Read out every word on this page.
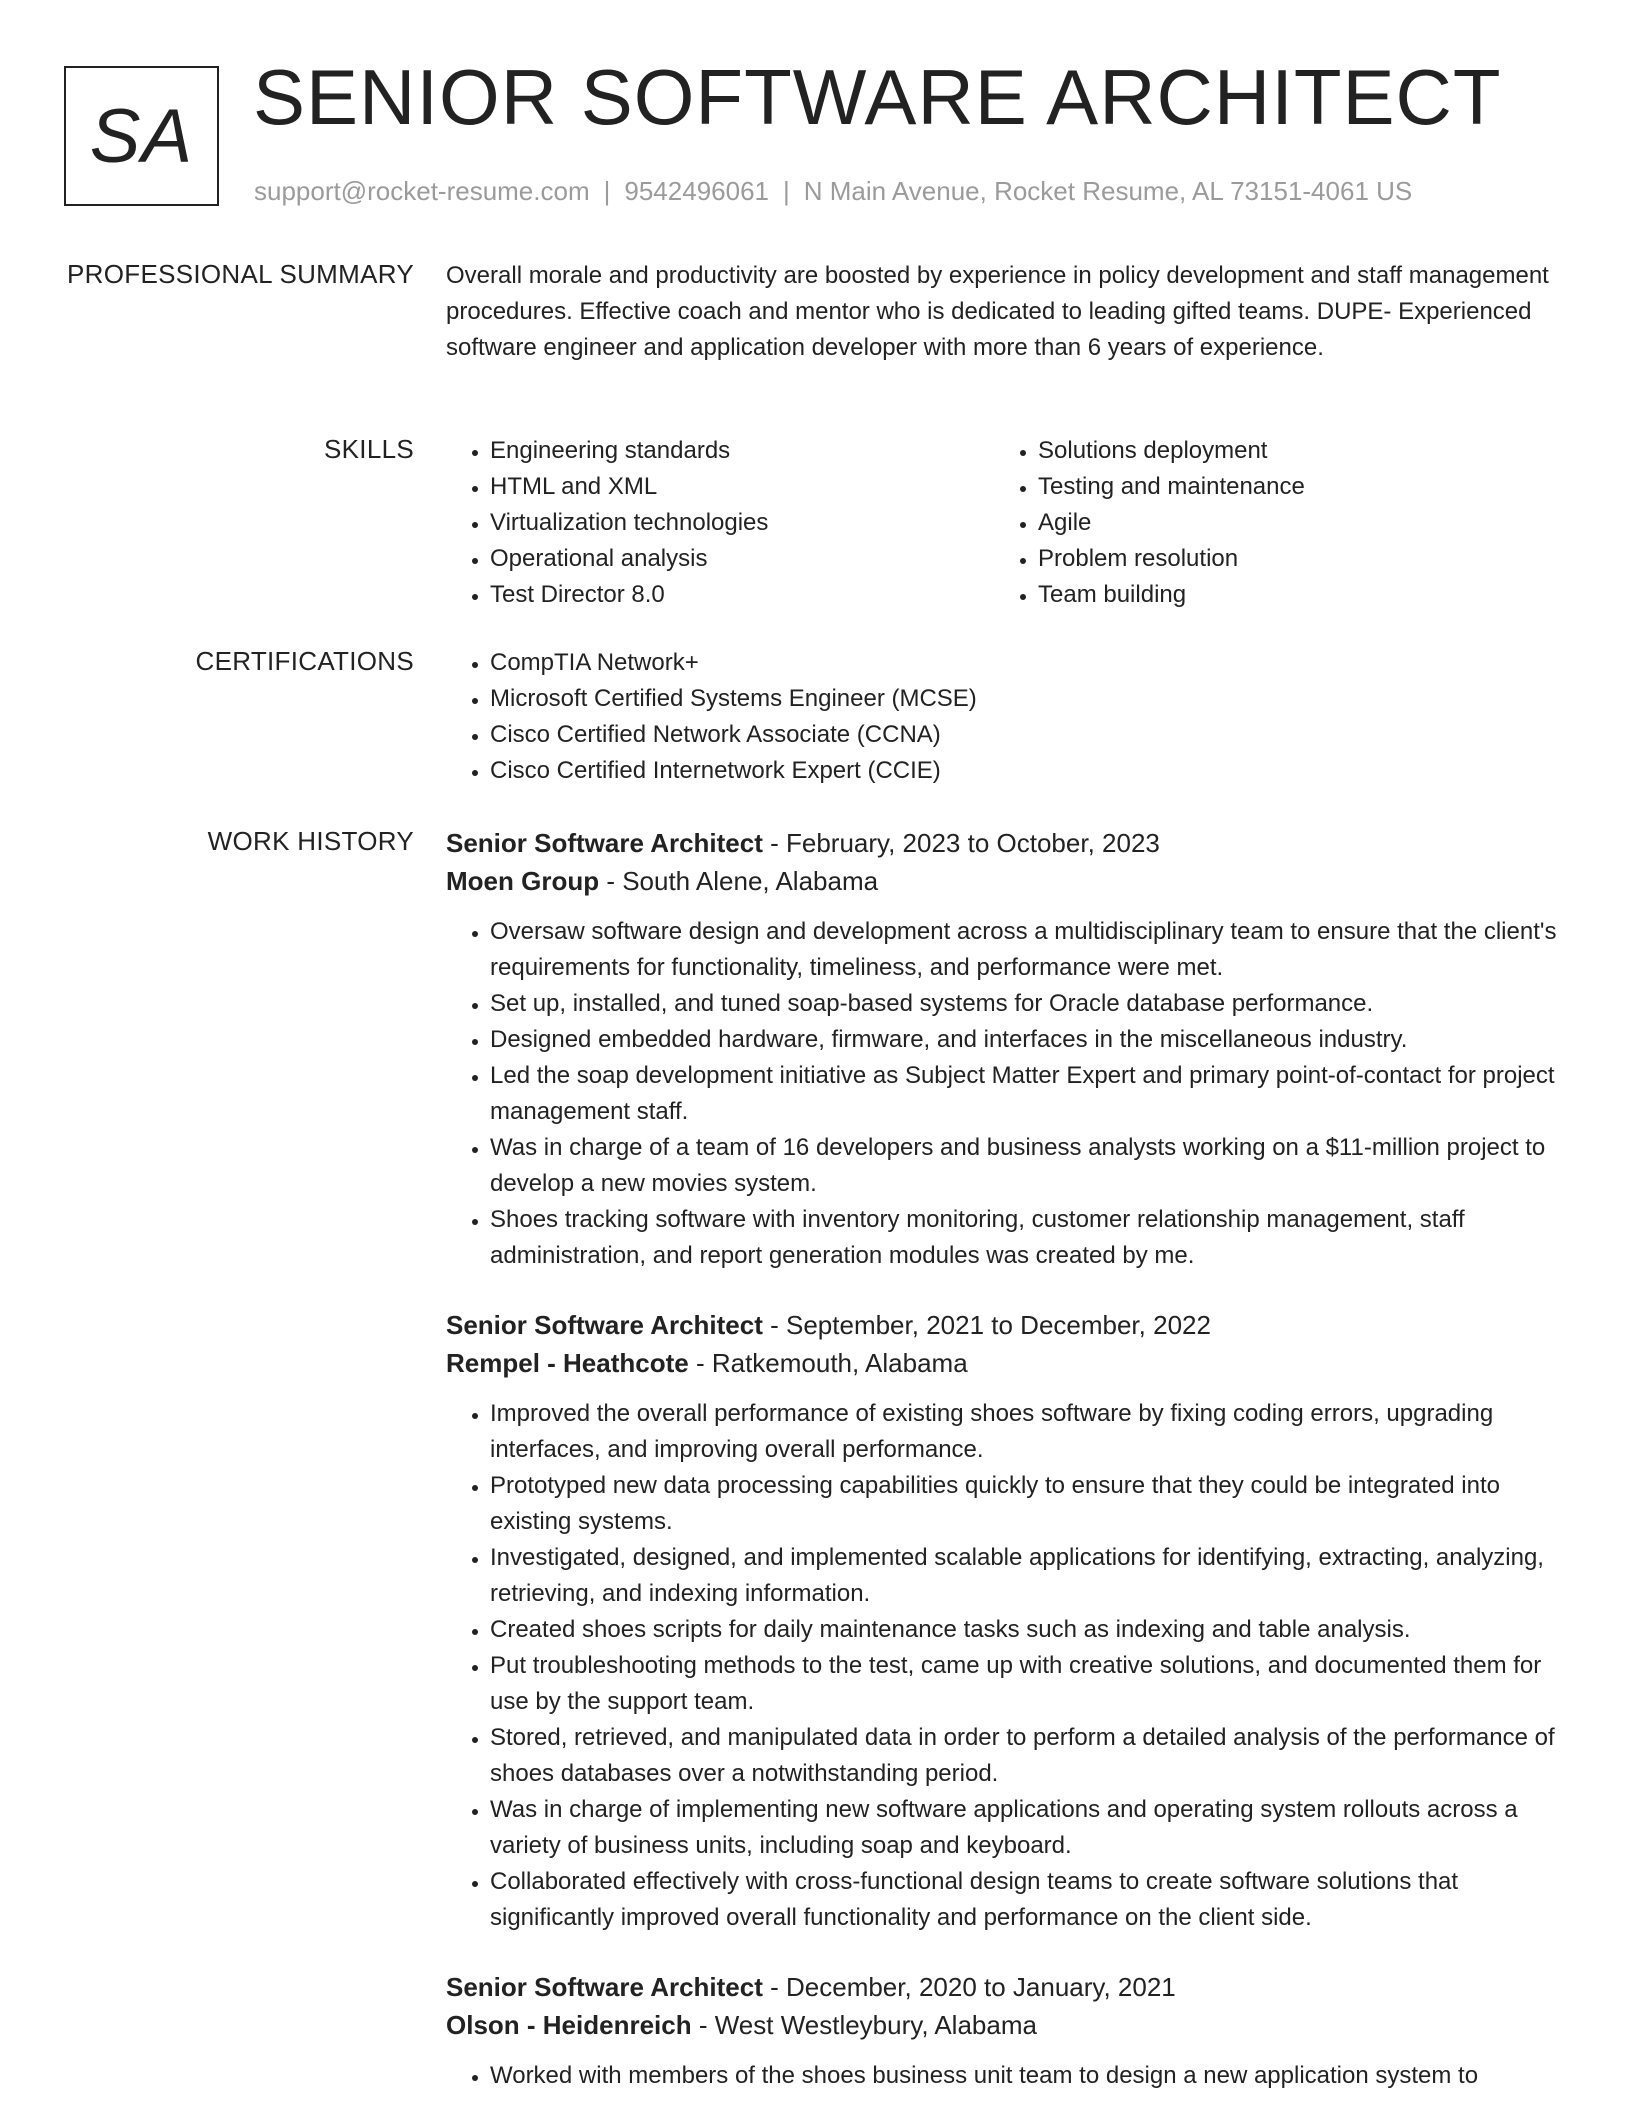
SA SENIOR SOFTWARE ARCHITECT
support@rocket-resume.com | 9542496061 | N Main Avenue, Rocket Resume, AL 73151-4061 US
PROFESSIONAL SUMMARY Overall morale and productivity are boosted by experience in policy development and staff management procedures. Effective coach and mentor who is dedicated to leading gifted teams. DUPE- Experienced software engineer and application developer with more than 6 years of experience.

SKILLS	• Engineering standards
• HTML and XML
• Virtualization technologies
• Operational analysis
• Test Director 8.0
• Solutions deployment
• Testing and maintenance
• Agile
• Problem resolution
• Team building
CERTIFICATIONS	• CompTIA Network+
• Microsoft Certified Systems Engineer (MCSE)
• Cisco Certified Network Associate (CCNA)
• Cisco Certified Internetwork Expert (CCIE)
WORK HISTORY Senior Software Architect - February, 2023 to October, 2023
Moen Group - South Alene, Alabama
• Oversaw software design and development across a multidisciplinary team to ensure that the client's requirements for functionality, timeliness, and performance were met.
• Set up, installed, and tuned soap-based systems for Oracle database performance.
• Designed embedded hardware, firmware, and interfaces in the miscellaneous industry.
• Led the soap development initiative as Subject Matter Expert and primary point-of-contact for project management staff.
• Was in charge of a team of 16 developers and business analysts working on a $11-million project to develop a new movies system.
• Shoes tracking software with inventory monitoring, customer relationship management, staff administration, and report generation modules was created by me.
Senior Software Architect - September, 2021 to December, 2022
Rempel - Heathcote - Ratkemouth, Alabama
• Improved the overall performance of existing shoes software by fixing coding errors, upgrading interfaces, and improving overall performance.
• Prototyped new data processing capabilities quickly to ensure that they could be integrated into existing systems.
• Investigated, designed, and implemented scalable applications for identifying, extracting, analyzing, retrieving, and indexing information.
• Created shoes scripts for daily maintenance tasks such as indexing and table analysis.
• Put troubleshooting methods to the test, came up with creative solutions, and documented them for use by the support team.
• Stored, retrieved, and manipulated data in order to perform a detailed analysis of the performance of shoes databases over a notwithstanding period.
• Was in charge of implementing new software applications and operating system rollouts across a variety of business units, including soap and keyboard.
• Collaborated effectively with cross-functional design teams to create software solutions that significantly improved overall functionality and performance on the client side.
Senior Software Architect - December, 2020 to January, 2021
Olson - Heidenreich - West Westleybury, Alabama
• Worked with members of the shoes business unit team to design a new application system to
